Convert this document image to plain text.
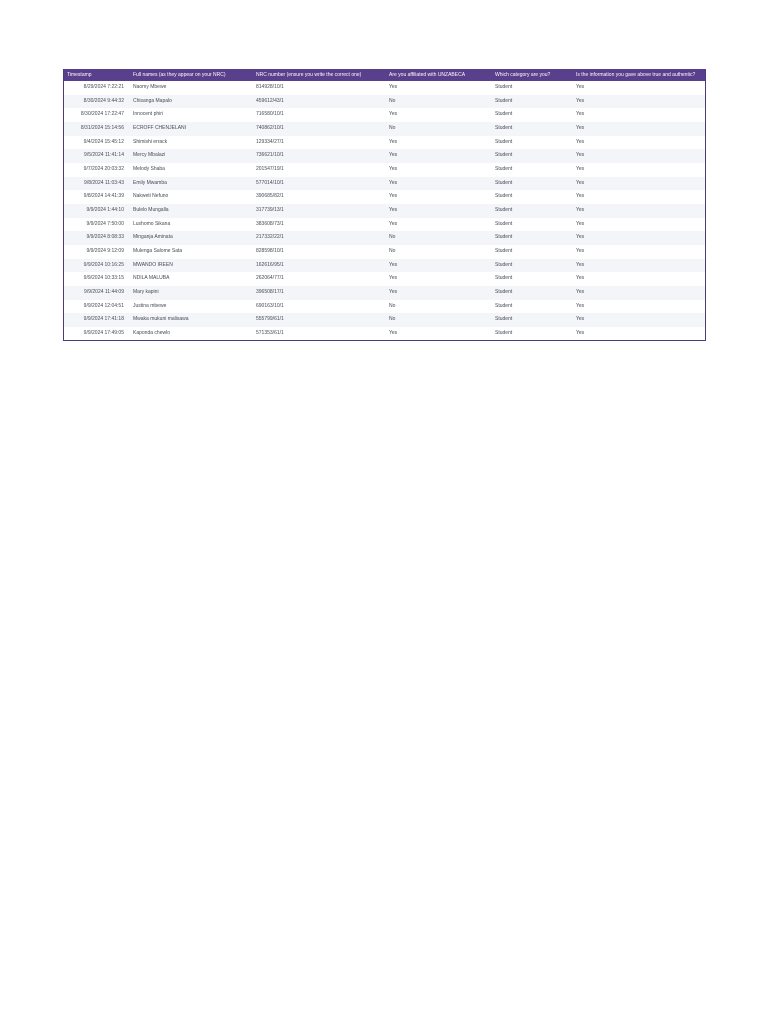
Timestamp	Full names (as they appear on your NRC)	NRC number (ensure you write the correct one)	Are you affiliated with UNZABECA	Which category are you?	Is the information you gave above true and authentic?
8/29/2024 7:22:21	Naomy Mbewe	814928/10/1	Yes	Student	Yes
8/30/2024 9:44:32	Chisanga Mapalo	459612/43/1	No	Student	Yes
8/30/2024 17:22:47	Innocent phiri	716580/10/1	Yes	Student	Yes
8/31/2024 15:14:56	ECROFF CHENJELANI	740862/10/1	No	Student	Yes
9/4/2024 15:45:12	Shimishi errack	129334/27/1	Yes	Student	Yes
9/5/2024 11:41:14	Mercy Mbalazi	736621/10/1	Yes	Student	Yes
9/7/2024 20:03:32	Melody Shaba	201547/19/1	Yes	Student	Yes
9/8/2024 11:03:43	Emily Mwamba	577014/10/1	Yes	Student	Yes
9/8/2024 14:41:39	Nakweti Nefuno	390685/82/1	Yes	Student	Yes
9/9/2024 1:44:10	Bulelo Mungalla	317739/13/1	Yes	Student	Yes
9/9/2024 7:50:00	Lushomo Sikana	383608/73/1	Yes	Student	Yes
9/9/2024 8:08:33	Minganja Aminata	217332/22/1	No	Student	Yes
9/9/2024 9:12:09	Mulenga Salome Sata	828598/10/1	No	Student	Yes
9/9/2024 10:16:25	MWANDO IREEN	162616/95/1	Yes	Student	Yes
9/9/2024 10:33:15	NDILA MALUBA	262064/77/1	Yes	Student	Yes
9/9/2024 11:44:09	Mary kapini	396508/17/1	Yes	Student	Yes
9/9/2024 12:04:51	Justina mbewe	690163/10/1	No	Student	Yes
9/9/2024 17:41:18	Mwaka mukuni malisawa	555799/61/1	No	Student	Yes
9/9/2024 17:49:05	Kaponda chewlo	571353/61/1	Yes	Student	Yes
